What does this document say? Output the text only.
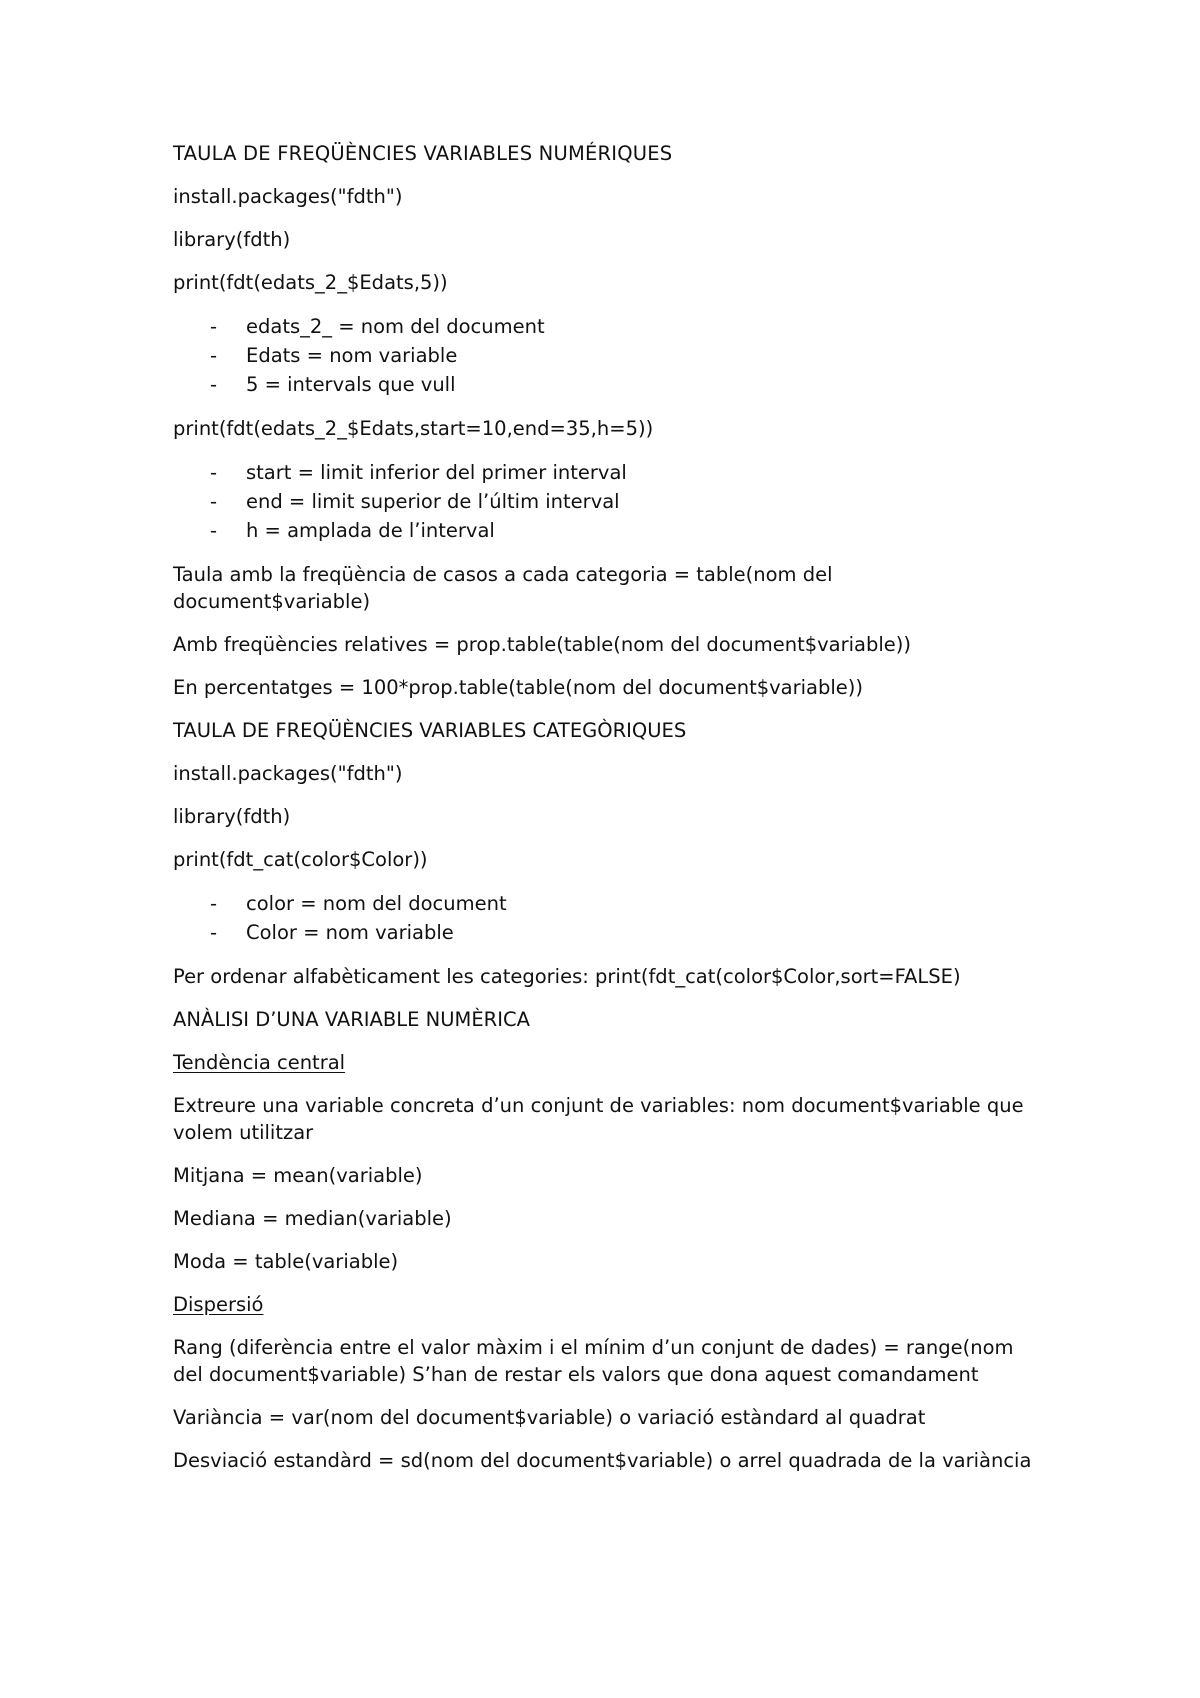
TAULA DE FREQÜÈNCIES VARIABLES NUMÉRIQUES

install.packages("fdth")

library(fdth)

print(fdt(edats_2_$Edats,5))

- edats_2_ = nom del document
- Edats = nom variable
- 5 = intervals que vull

print(fdt(edats_2_$Edats,start=10,end=35,h=5))

- start = limit inferior del primer interval
- end = limit superior de l’últim interval
- h = amplada de l’interval

Taula amb la freqüència de casos a cada categoria = table(nom del document$variable)

Amb freqüències relatives = prop.table(table(nom del document$variable))

En percentatges = 100*prop.table(table(nom del document$variable))

TAULA DE FREQÜÈNCIES VARIABLES CATEGÒRIQUES

install.packages("fdth")

library(fdth)

print(fdt_cat(color$Color))

- color = nom del document
- Color = nom variable

Per ordenar alfabèticament les categories: print(fdt_cat(color$Color,sort=FALSE)

ANÀLISI D’UNA VARIABLE NUMÈRICA

Tendència central

Extreure una variable concreta d’un conjunt de variables: nom document$variable que volem utilitzar

Mitjana = mean(variable)

Mediana = median(variable)

Moda = table(variable)

Dispersió

Rang (diferència entre el valor màxim i el mínim d’un conjunt de dades) = range(nom del document$variable) S’han de restar els valors que dona aquest comandament

Variància = var(nom del document$variable) o variació estàndard al quadrat

Desviació estandàrd = sd(nom del document$variable) o arrel quadrada de la variància
